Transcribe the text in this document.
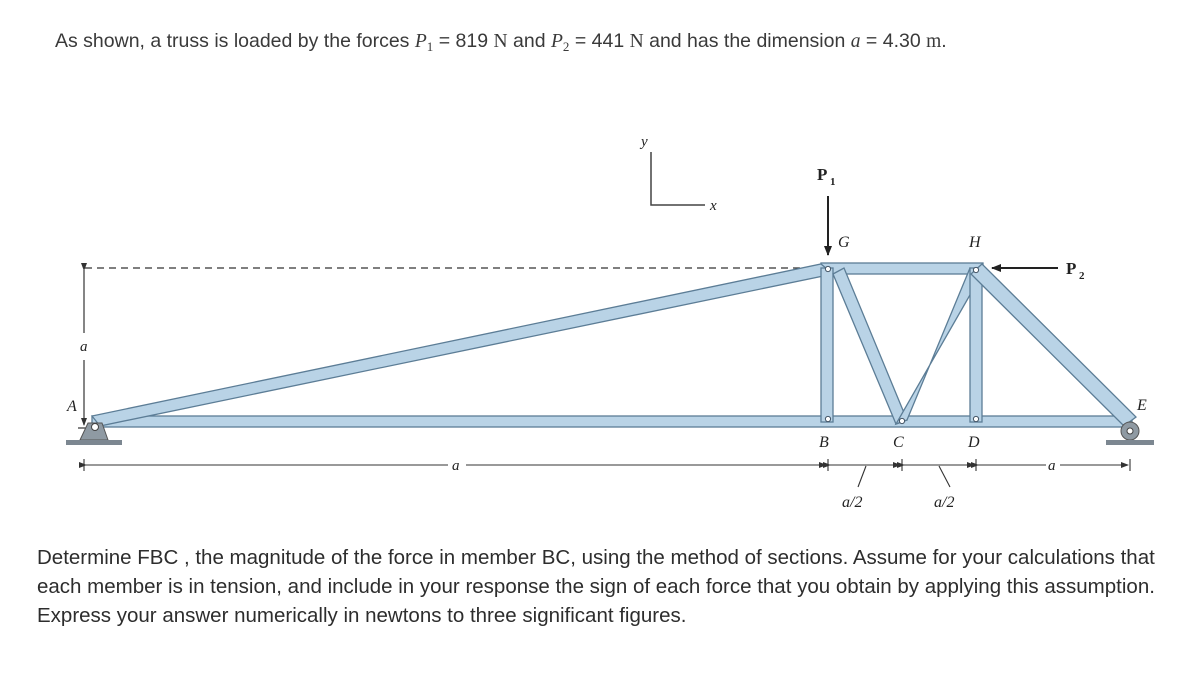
As shown, a truss is loaded by the forces $P_1 = 819$ N and $P_2 = 441$ N and has the dimension a = 4.30 m.
y
x
a
P 1
P 2
A
B	C	D
E
G	H
a	a
a/2	a/2
Determine FBC , the magnitude of the force in member BC, using the method of sections. Assume for your calculations that each member is in tension, and include in your response the sign of each force that you obtain by applying this assumption. Express your answer numerically in newtons to three significant figures.
